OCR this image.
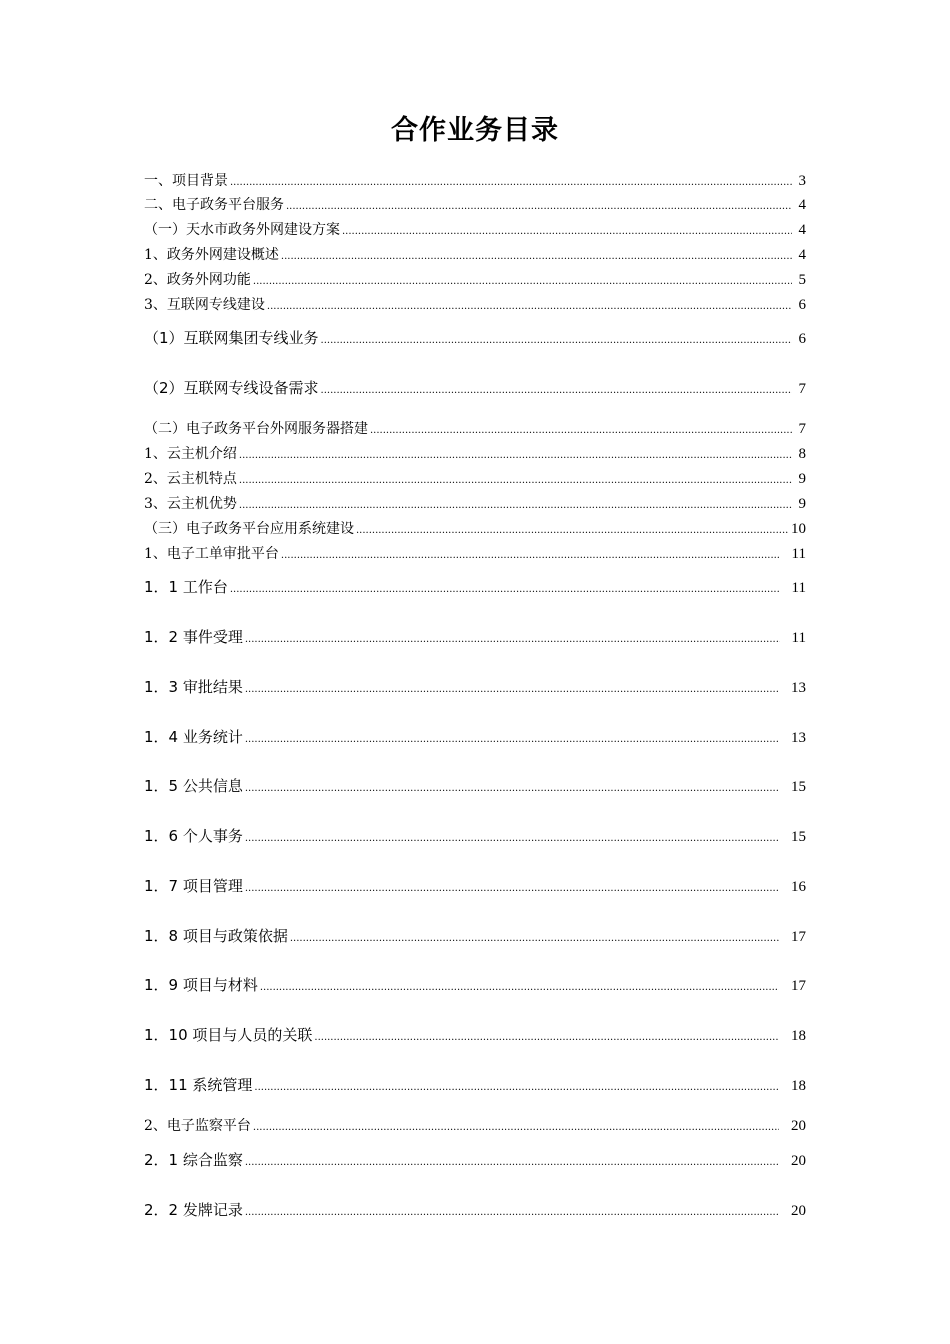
合作业务目录
一、项目背景 .....	3
二、电子政务平台服务 .....	4
（一）天水市政务外网建设方案 .....	4
1、政务外网建设概述 .....	4
2、政务外网功能 .....	5
3、互联网专线建设 .....	6
（1）互联网集团专线业务 .....	6
（2）互联网专线设备需求 .....	7
（二）电子政务平台外网服务器搭建 .....	7
1、云主机介绍 .....	8
2、云主机特点 .....	9
3、云主机优势 .....	9
（三）电子政务平台应用系统建设 .....	10
1、电子工单审批平台 .....	11
1．1 工作台 .....	11
1．2 事件受理 .....	11
1．3 审批结果 .....	13
1．4 业务统计 .....	13
1．5 公共信息 .....	15
1．6 个人事务 .....	15
1．7 项目管理 .....	16
1．8 项目与政策依据 .....	17
1．9 项目与材料 .....	17
1．10 项目与人员的关联 .....	18
1．11 系统管理 .....	18
2、电子监察平台 .....	20
2．1 综合监察 .....	20
2．2 发牌记录 .....	20
